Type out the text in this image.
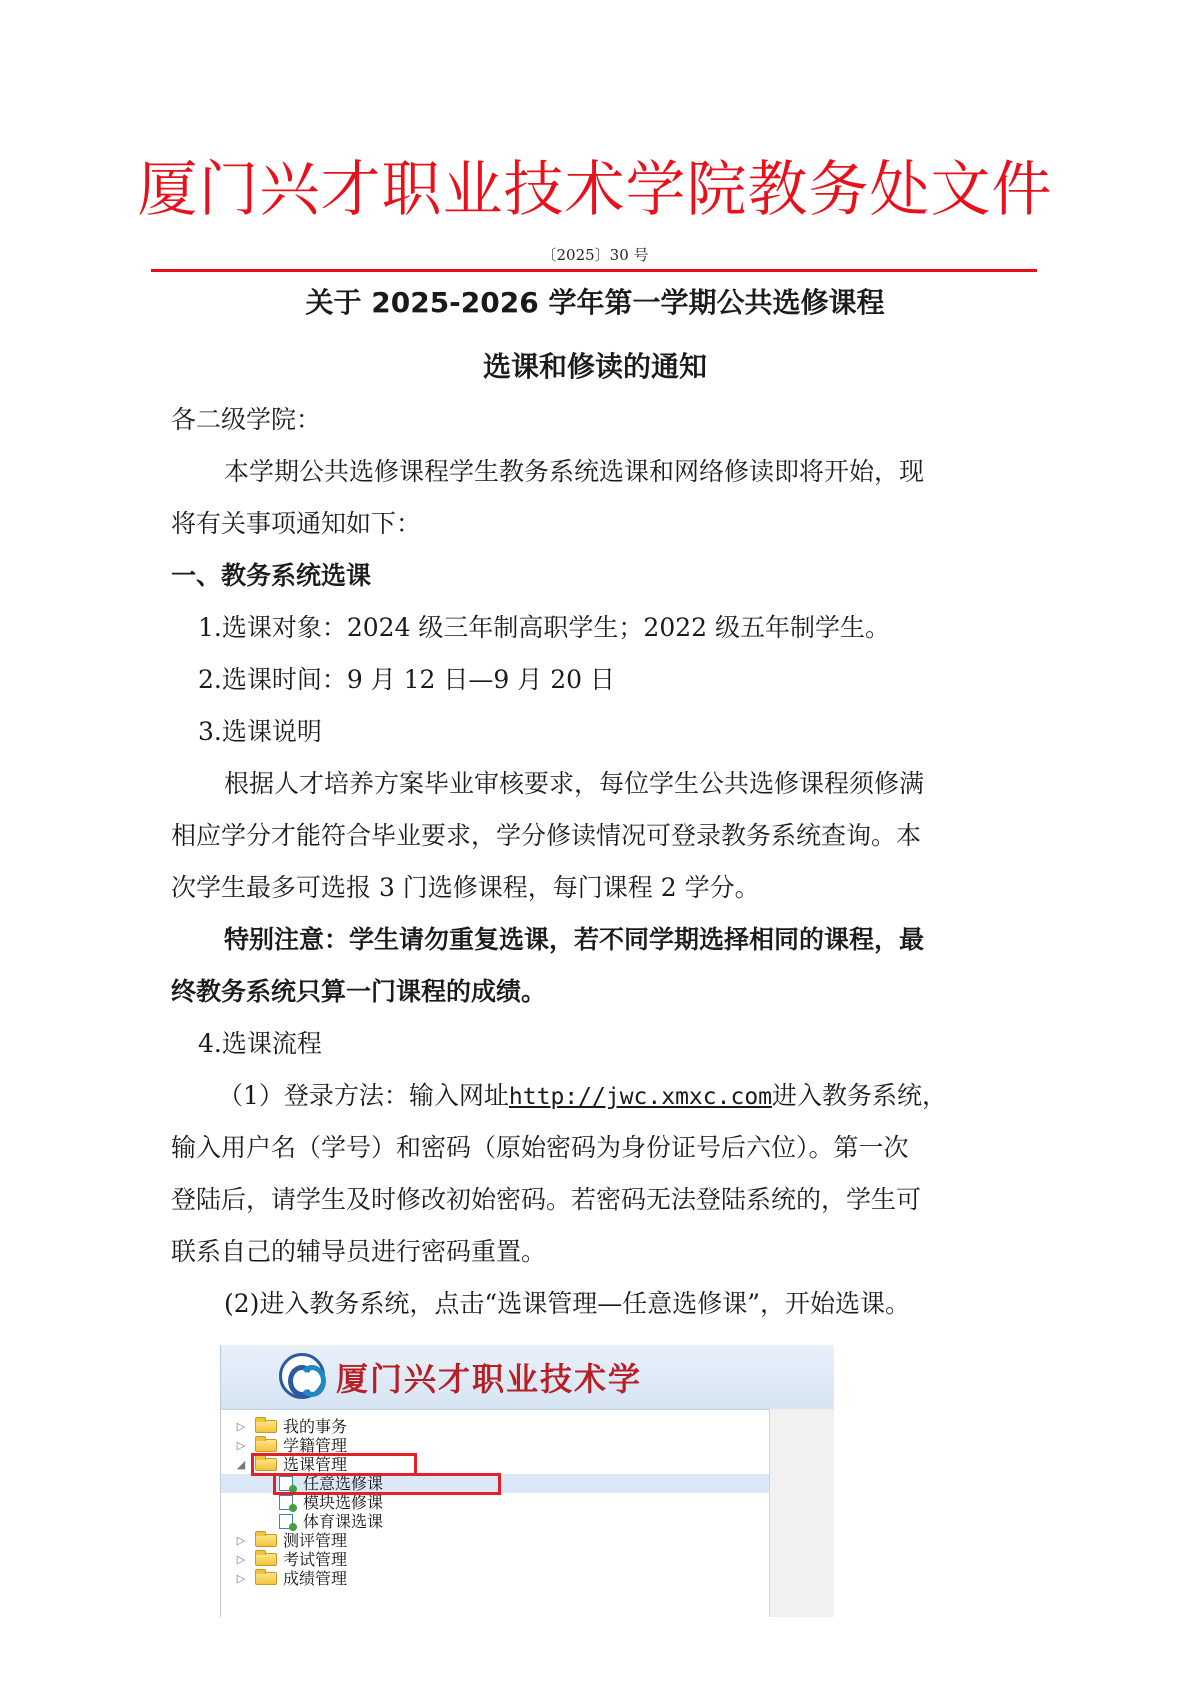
厦门兴才职业技术学院教务处文件
〔2025〕30 号
关于 2025-2026 学年第一学期公共选修课程
选课和修读的通知
各二级学院：
本学期公共选修课程学生教务系统选课和网络修读即将开始，现
将有关事项通知如下：
一、教务系统选课
1.选课对象：2024 级三年制高职学生；2022 级五年制学生。
2.选课时间：9 月 12 日—9 月 20 日
3.选课说明
根据人才培养方案毕业审核要求，每位学生公共选修课程须修满
相应学分才能符合毕业要求，学分修读情况可登录教务系统查询。本
次学生最多可选报 3 门选修课程，每门课程 2 学分。
特别注意：学生请勿重复选课，若不同学期选择相同的课程，最
终教务系统只算一门课程的成绩。
4.选课流程
（1）登录方法：输入网址http://jwc.xmxc.com进入教务系统，
输入用户名（学号）和密码（原始密码为身份证号后六位）。第一次
登陆后，请学生及时修改初始密码。若密码无法登陆系统的，学生可
联系自己的辅导员进行密码重置。
(2)进入教务系统，点击“选课管理—任意选修课”，开始选课。
厦门兴才职业技术学
▷ 我的事务
▷ 学籍管理
◢ 选课管理
任意选修课
模块选修课
体育课选课
▷ 测评管理
▷ 考试管理
▷ 成绩管理
